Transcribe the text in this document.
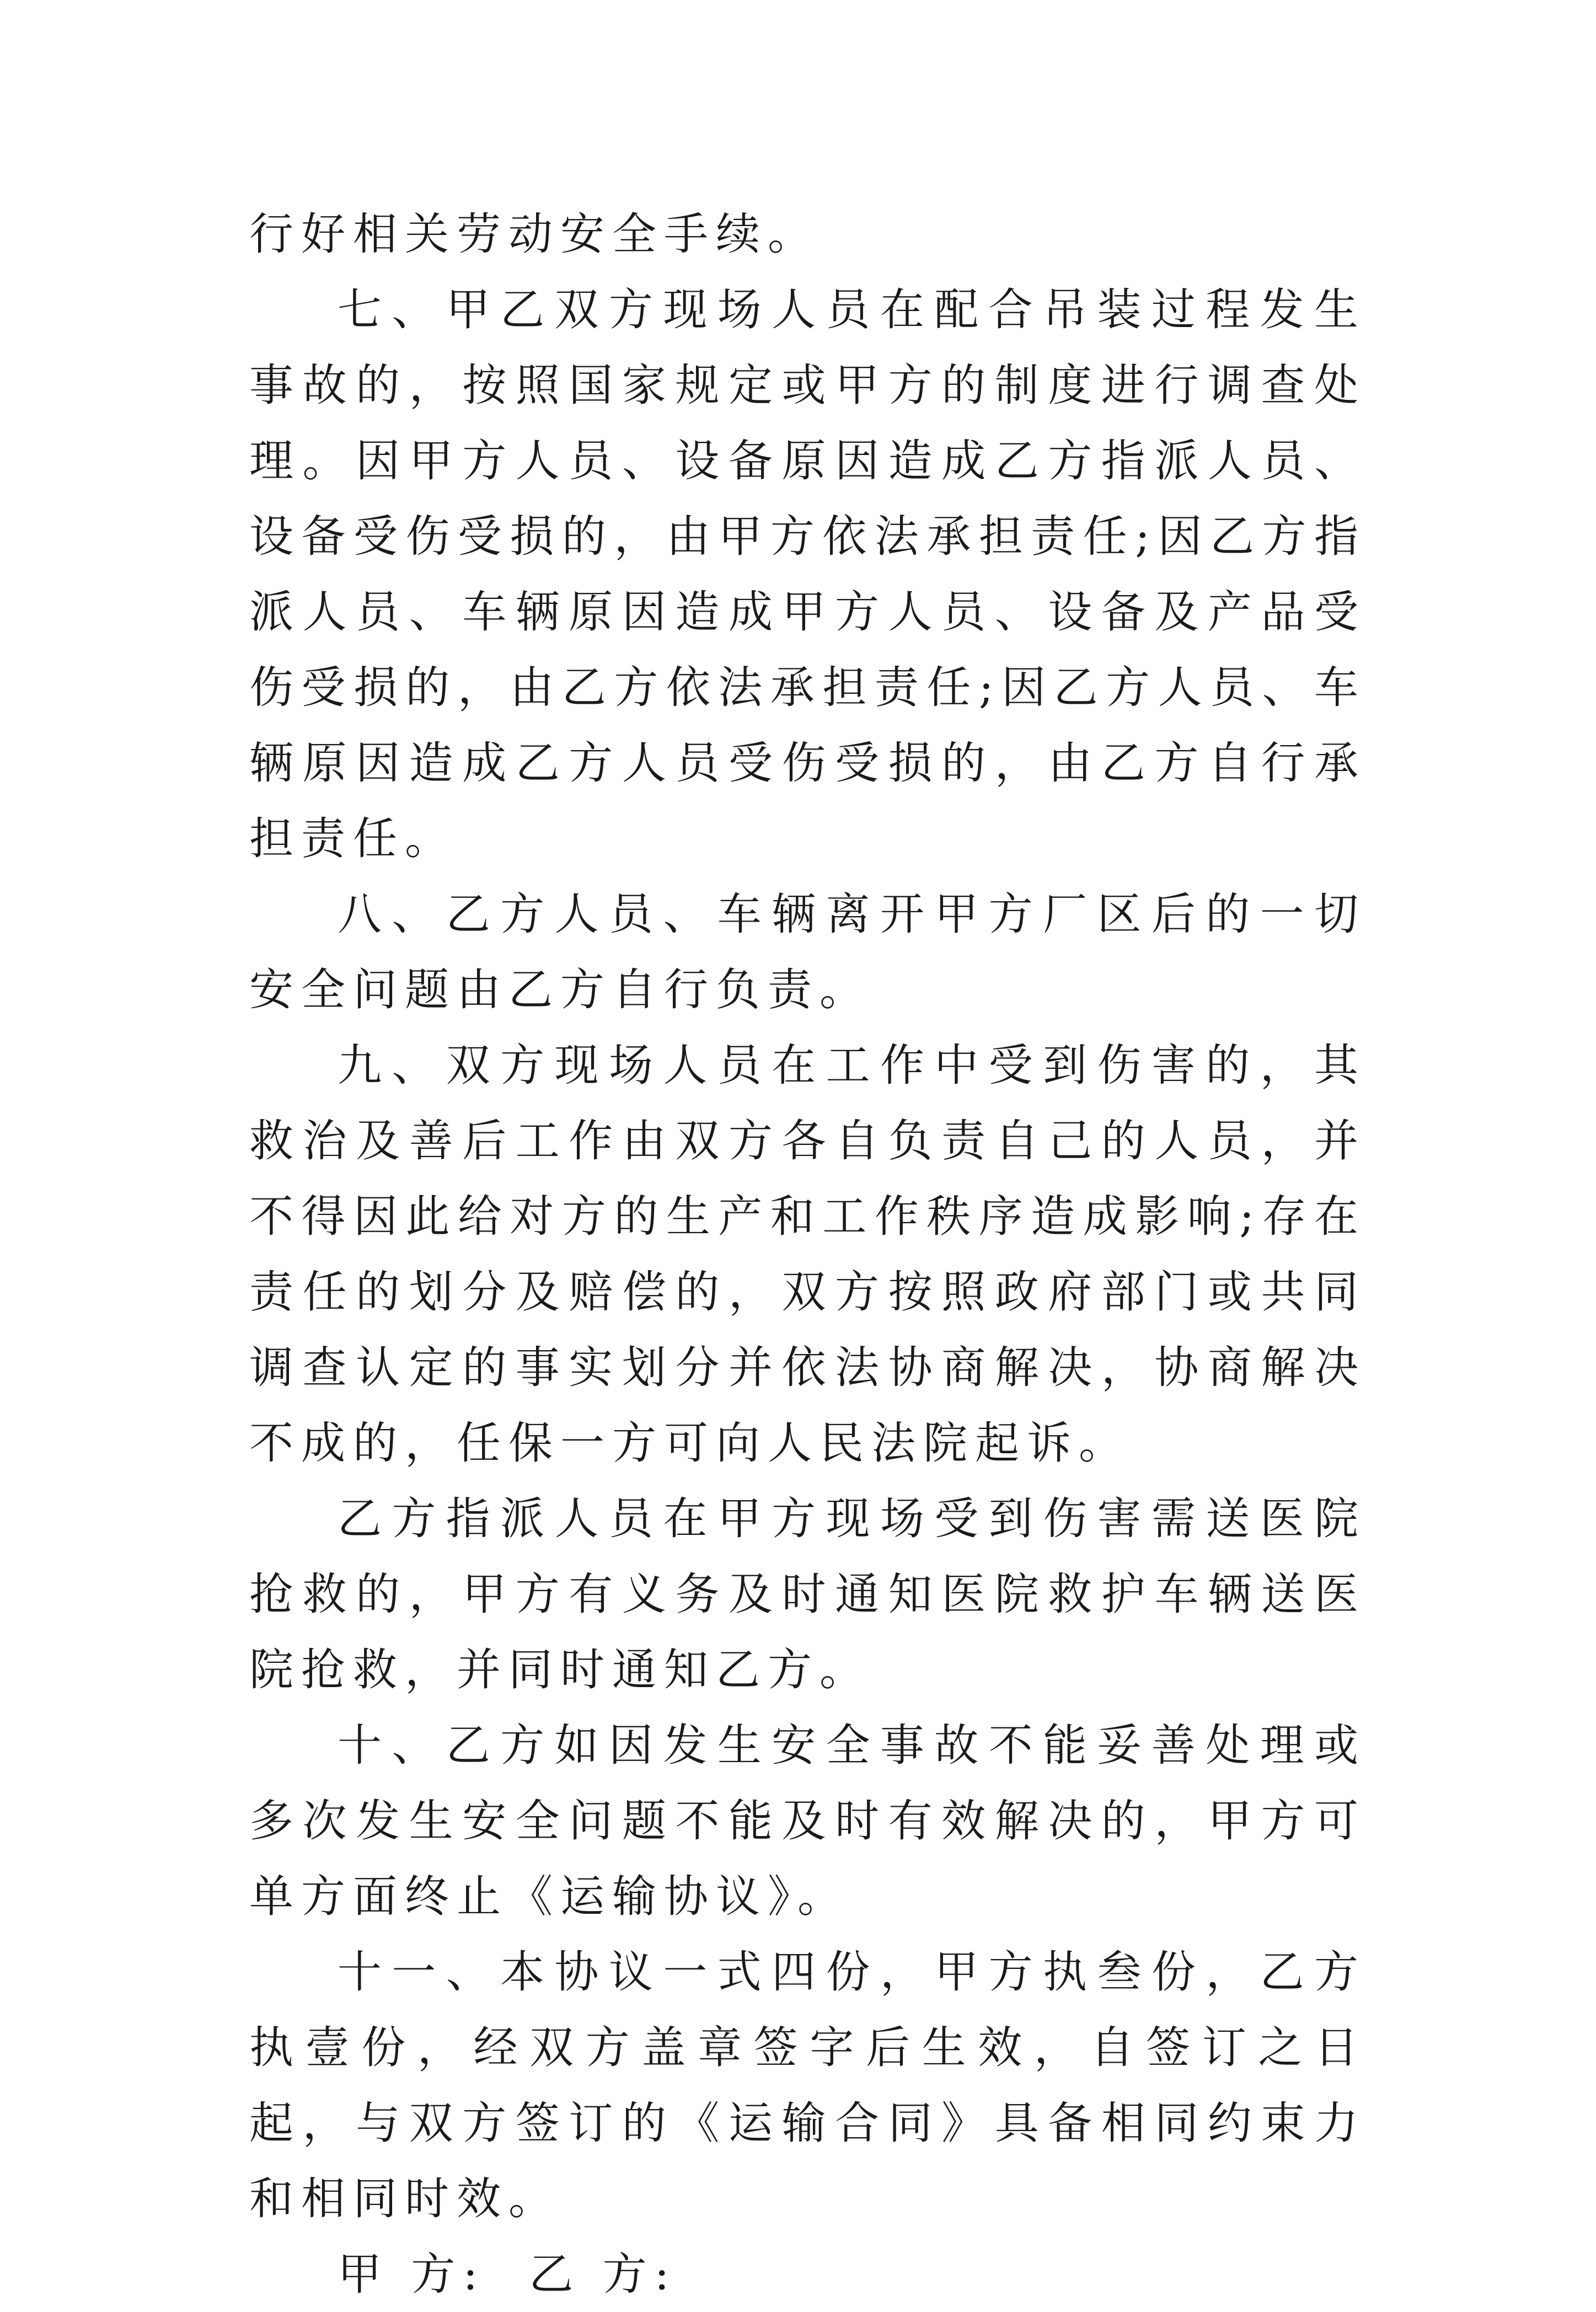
行好相关劳动安全手续。

七、甲乙双方现场人员在配合吊装过程发生事故的，按照国家规定或甲方的制度进行调查处理。因甲方人员、设备原因造成乙方指派人员、设备受伤受损的，由甲方依法承担责任;因乙方指派人员、车辆原因造成甲方人员、设备及产品受伤受损的，由乙方依法承担责任;因乙方人员、车辆原因造成乙方人员受伤受损的，由乙方自行承担责任。

八、乙方人员、车辆离开甲方厂区后的一切安全问题由乙方自行负责。

九、双方现场人员在工作中受到伤害的，其救治及善后工作由双方各自负责自己的人员，并不得因此给对方的生产和工作秩序造成影响;存在责任的划分及赔偿的，双方按照政府部门或共同调查认定的事实划分并依法协商解决，协商解决不成的，任保一方可向人民法院起诉。

乙方指派人员在甲方现场受到伤害需送医院抢救的，甲方有义务及时通知医院救护车辆送医院抢救，并同时通知乙方。

十、乙方如因发生安全事故不能妥善处理或多次发生安全问题不能及时有效解决的，甲方可单方面终止《运输协议》。

十一、本协议一式四份，甲方执叁份，乙方执壹份，经双方盖章签字后生效，自签订之日起，与双方签订的《运输合同》具备相同约束力和相同时效。

甲 方:  乙 方:
